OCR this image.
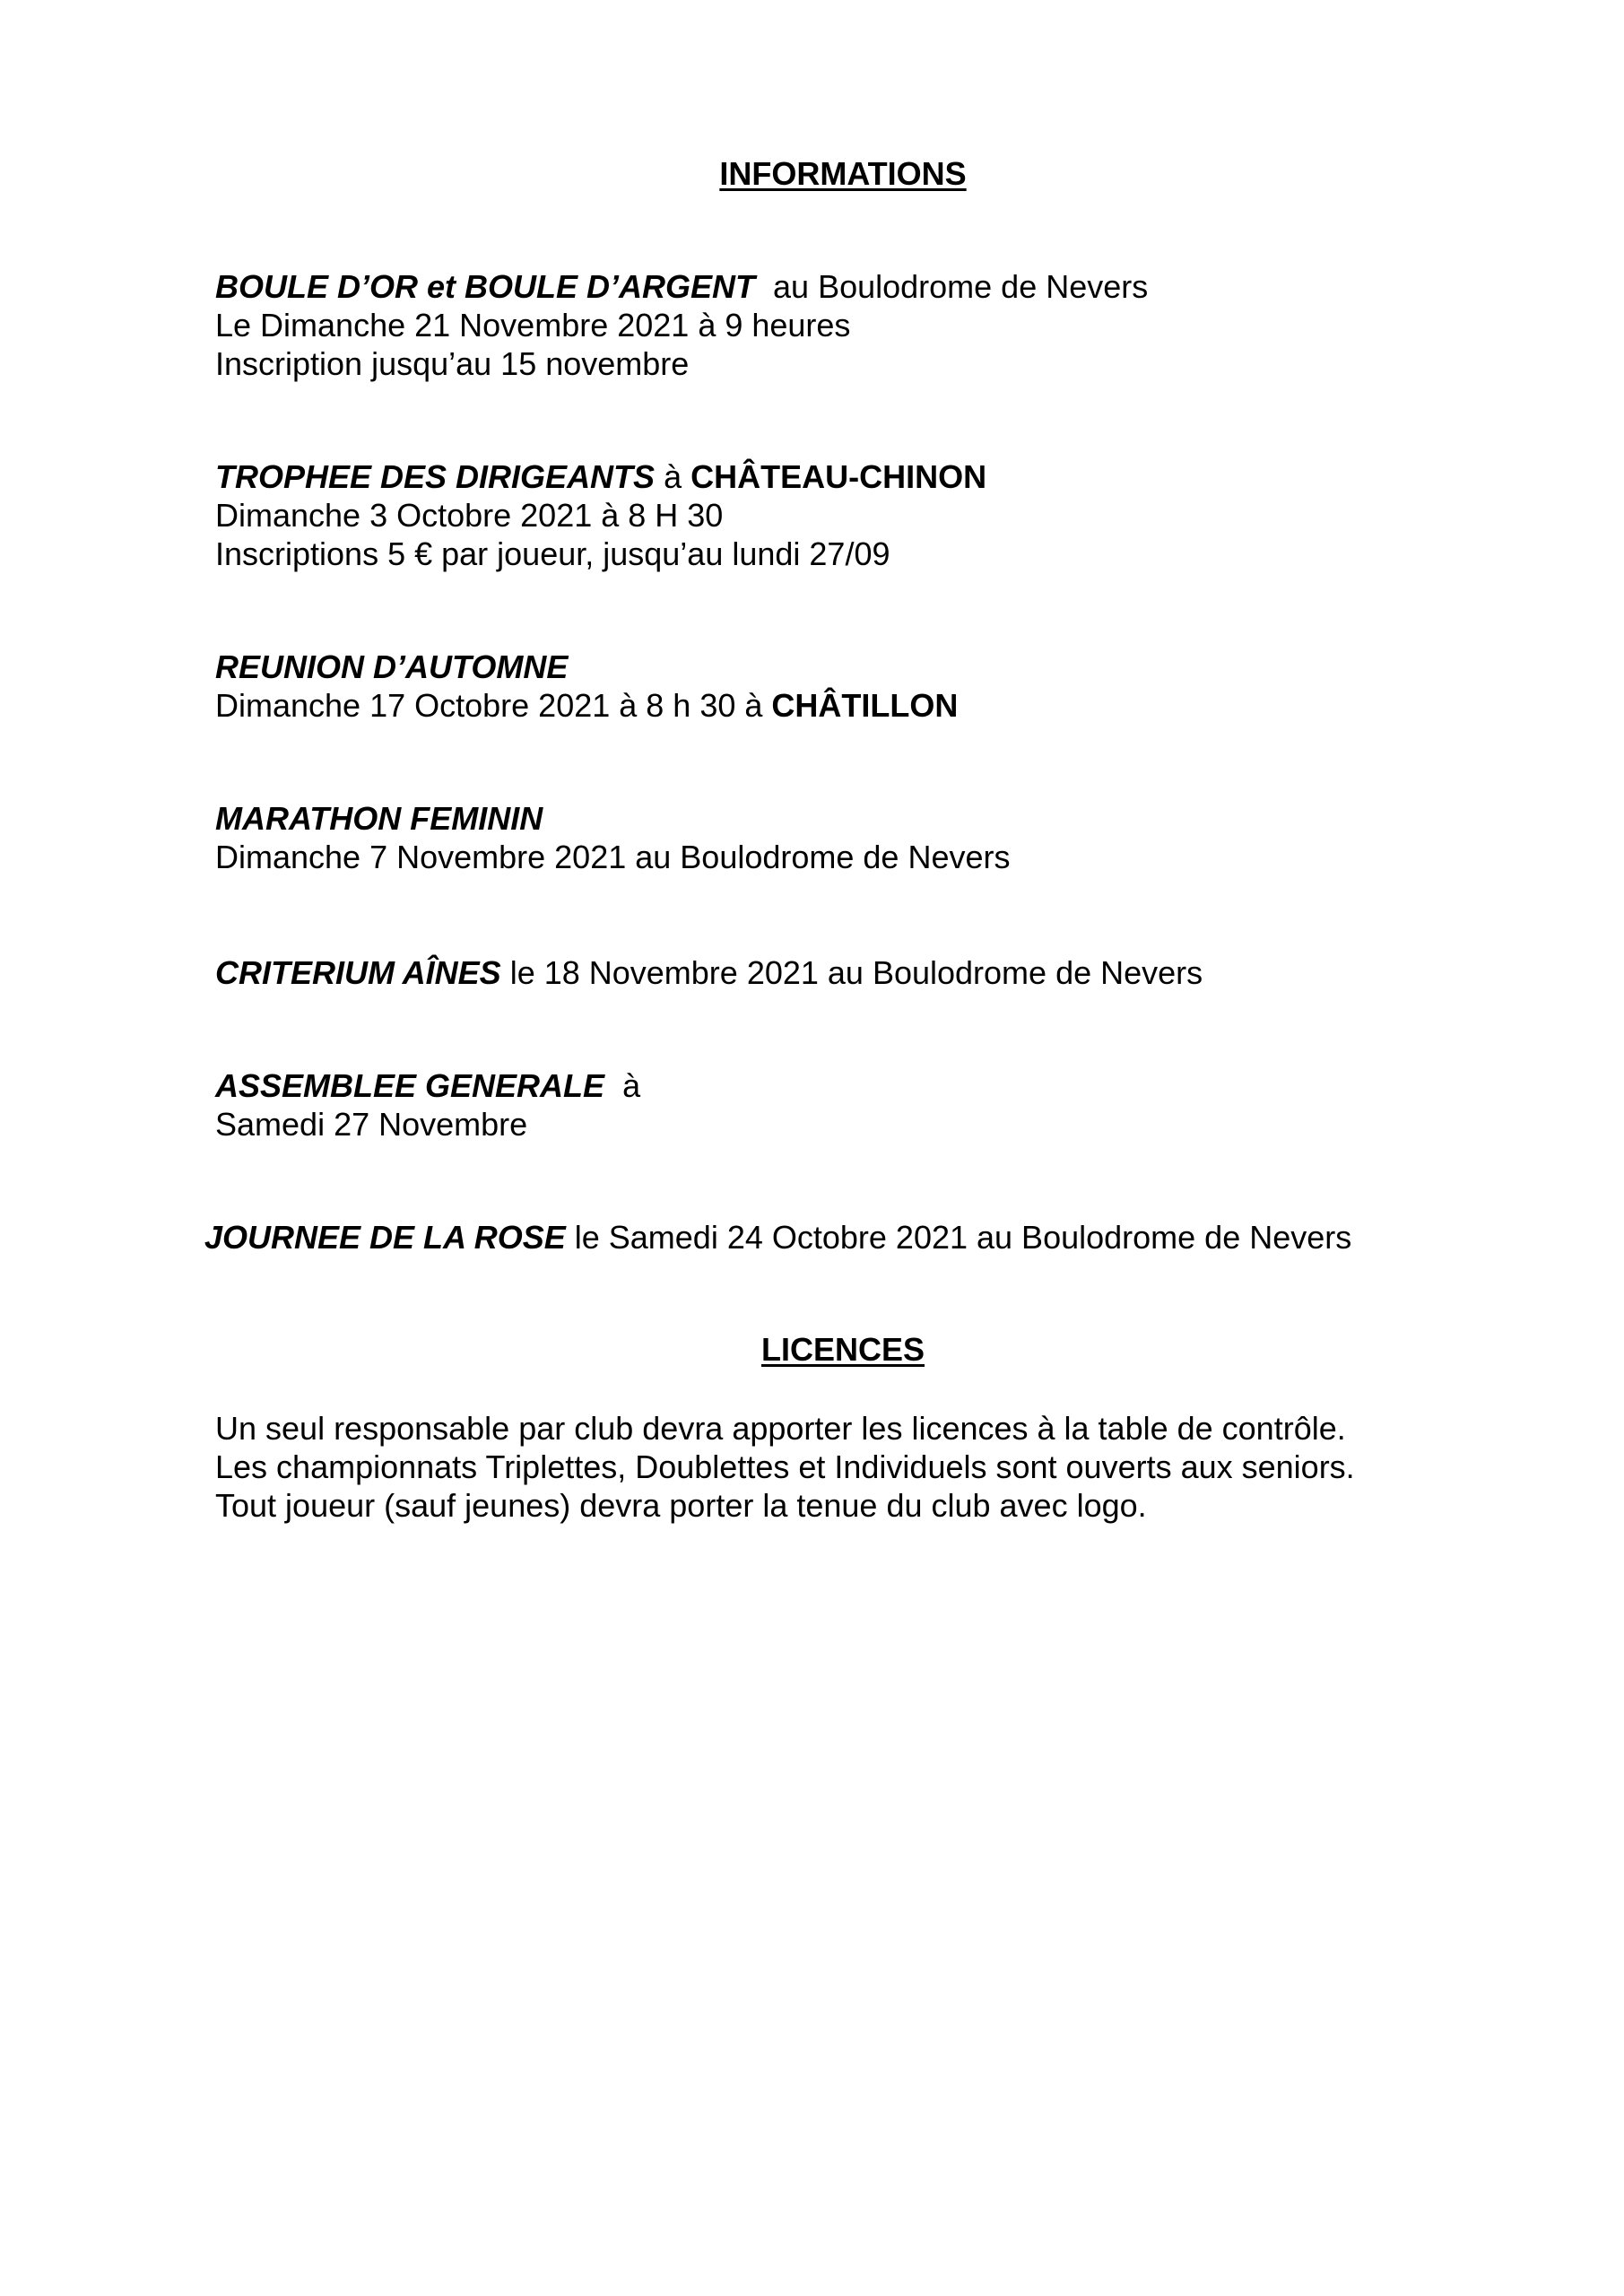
INFORMATIONS
BOULE D’OR et BOULE D’ARGENT  au Boulodrome de Nevers
Le Dimanche 21 Novembre 2021 à 9 heures
Inscription jusqu’au 15 novembre
TROPHEE DES DIRIGEANTS à CHÂTEAU-CHINON
Dimanche 3 Octobre 2021 à 8 H 30
Inscriptions 5 € par joueur, jusqu’au lundi 27/09
REUNION D’AUTOMNE
Dimanche 17 Octobre 2021 à 8 h 30 à CHÂTILLON
MARATHON FEMININ
Dimanche 7 Novembre 2021 au Boulodrome de Nevers
CRITERIUM AÎNES le 18 Novembre 2021 au Boulodrome de Nevers
ASSEMBLEE GENERALE  à
Samedi 27 Novembre
JOURNEE DE LA ROSE le Samedi 24 Octobre 2021 au Boulodrome de Nevers
LICENCES
Un seul responsable par club devra apporter les licences à la table de contrôle.
Les championnats Triplettes, Doublettes et Individuels sont ouverts aux seniors.
Tout joueur (sauf jeunes) devra porter la tenue du club avec logo.
